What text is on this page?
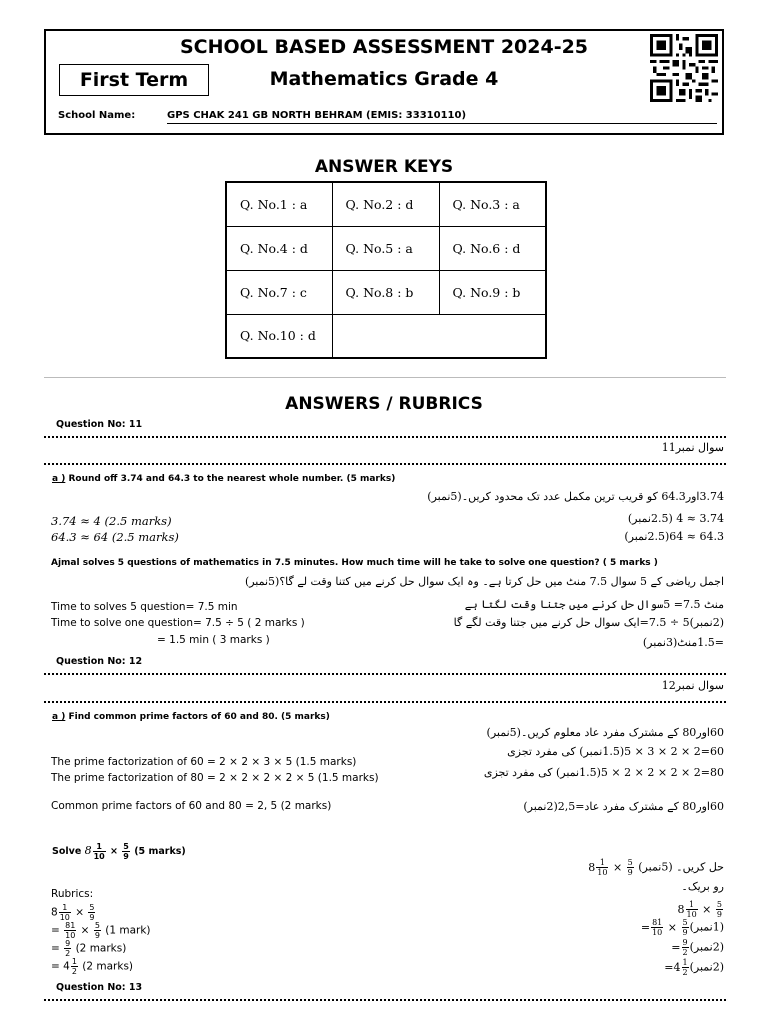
SCHOOL BASED ASSESSMENT 2024-25
First Term	Mathematics Grade 4
School Name:	GPS CHAK 241 GB NORTH BEHRAM (EMIS: 33310110)
ANSWER KEYS
Q. No.1 : a	Q. No.2 : d	Q. No.3 : a
Q. No.4 : d	Q. No.5 : a	Q. No.6 : d
Q. No.7 : c	Q. No.8 : b	Q. No.9 : b
Q. No.10 : d		
ANSWERS / RUBRICS
Question No: 11
سوال نمبر11
a ) Round off 3.74 and 64.3 to the nearest whole number. (5 marks)
3.74اور64.3 کو قریب ترین مکمل عدد تک محدود کریں۔(5نمبر)
3.74 ≈ 4 (2.5 marks)
64.3 ≈ 64 (2.5 marks)
3.74 ≈ 4 (2.5نمبر)
64.3 ≈ 64(2.5نمبر)
Ajmal solves 5 questions of mathematics in 7.5 minutes. How much time will he take to solve one question? ( 5 marks )
اجمل ریاضی کے 5 سوال 7.5 منٹ میں حل کرتا ہے۔ وہ ایک سوال حل کرنے میں کتنا وقت لے گا؟(5نمبر)
Time to solves 5 question= 7.5 min
Time to solve one question= 7.5 ÷ 5 ( 2 marks )
= 1.5 min ( 3 marks )
منٹ 7.5= 5سوال حل کرنے میں جتنا وقت لگتا ہے
(2نمبر)5 ÷ 7.5=ایک سوال حل کرنے میں جتنا وقت لگے گا
=1.5منٹ(3نمبر)
Question No: 12
سوال نمبر12
a ) Find common prime factors of 60 and 80. (5 marks)
60اور80 کے مشترک مفرد عاد معلوم کریں۔(5نمبر)
The prime factorization of 60 = 2 × 2 × 3 × 5 (1.5 marks)
The prime factorization of 80 = 2 × 2 × 2 × 2 × 5 (1.5 marks)
Common prime factors of 60 and 80 = 2, 5 (2 marks)
60=2 × 2 × 3 × 5(1.5نمبر) کی مفرد تجزی
80=2 × 2 × 2 × 2 × 5(1.5نمبر) کی مفرد تجزی
60اور80 کے مشترک مفرد عاد=2,5(2نمبر)
Solve $8 \frac{1}{10} \times \frac{5}{9} (5$ marks)
حل کریں۔ (5نمبر) $8 \frac{1}{10} \times \frac{5}{9}$
رو بریک۔
Rubrics:
$8 \frac{1}{10} \times \frac{5}{9}$
= $\frac{81}{10} \times \frac{5}{9} (1$ mark)
= $\frac{9}{2} (2$ marks)
= $4 \frac{1}{2} (2$ marks)
$8 \frac{1}{10} \times \frac{5}{9}$
(1نمبر)= $\frac{81}{10} \times \frac{5}{9}$
(2نمبر)= $\frac{9}{2}$
(2نمبر)=4 $\frac{1}{2}$
Question No: 13
